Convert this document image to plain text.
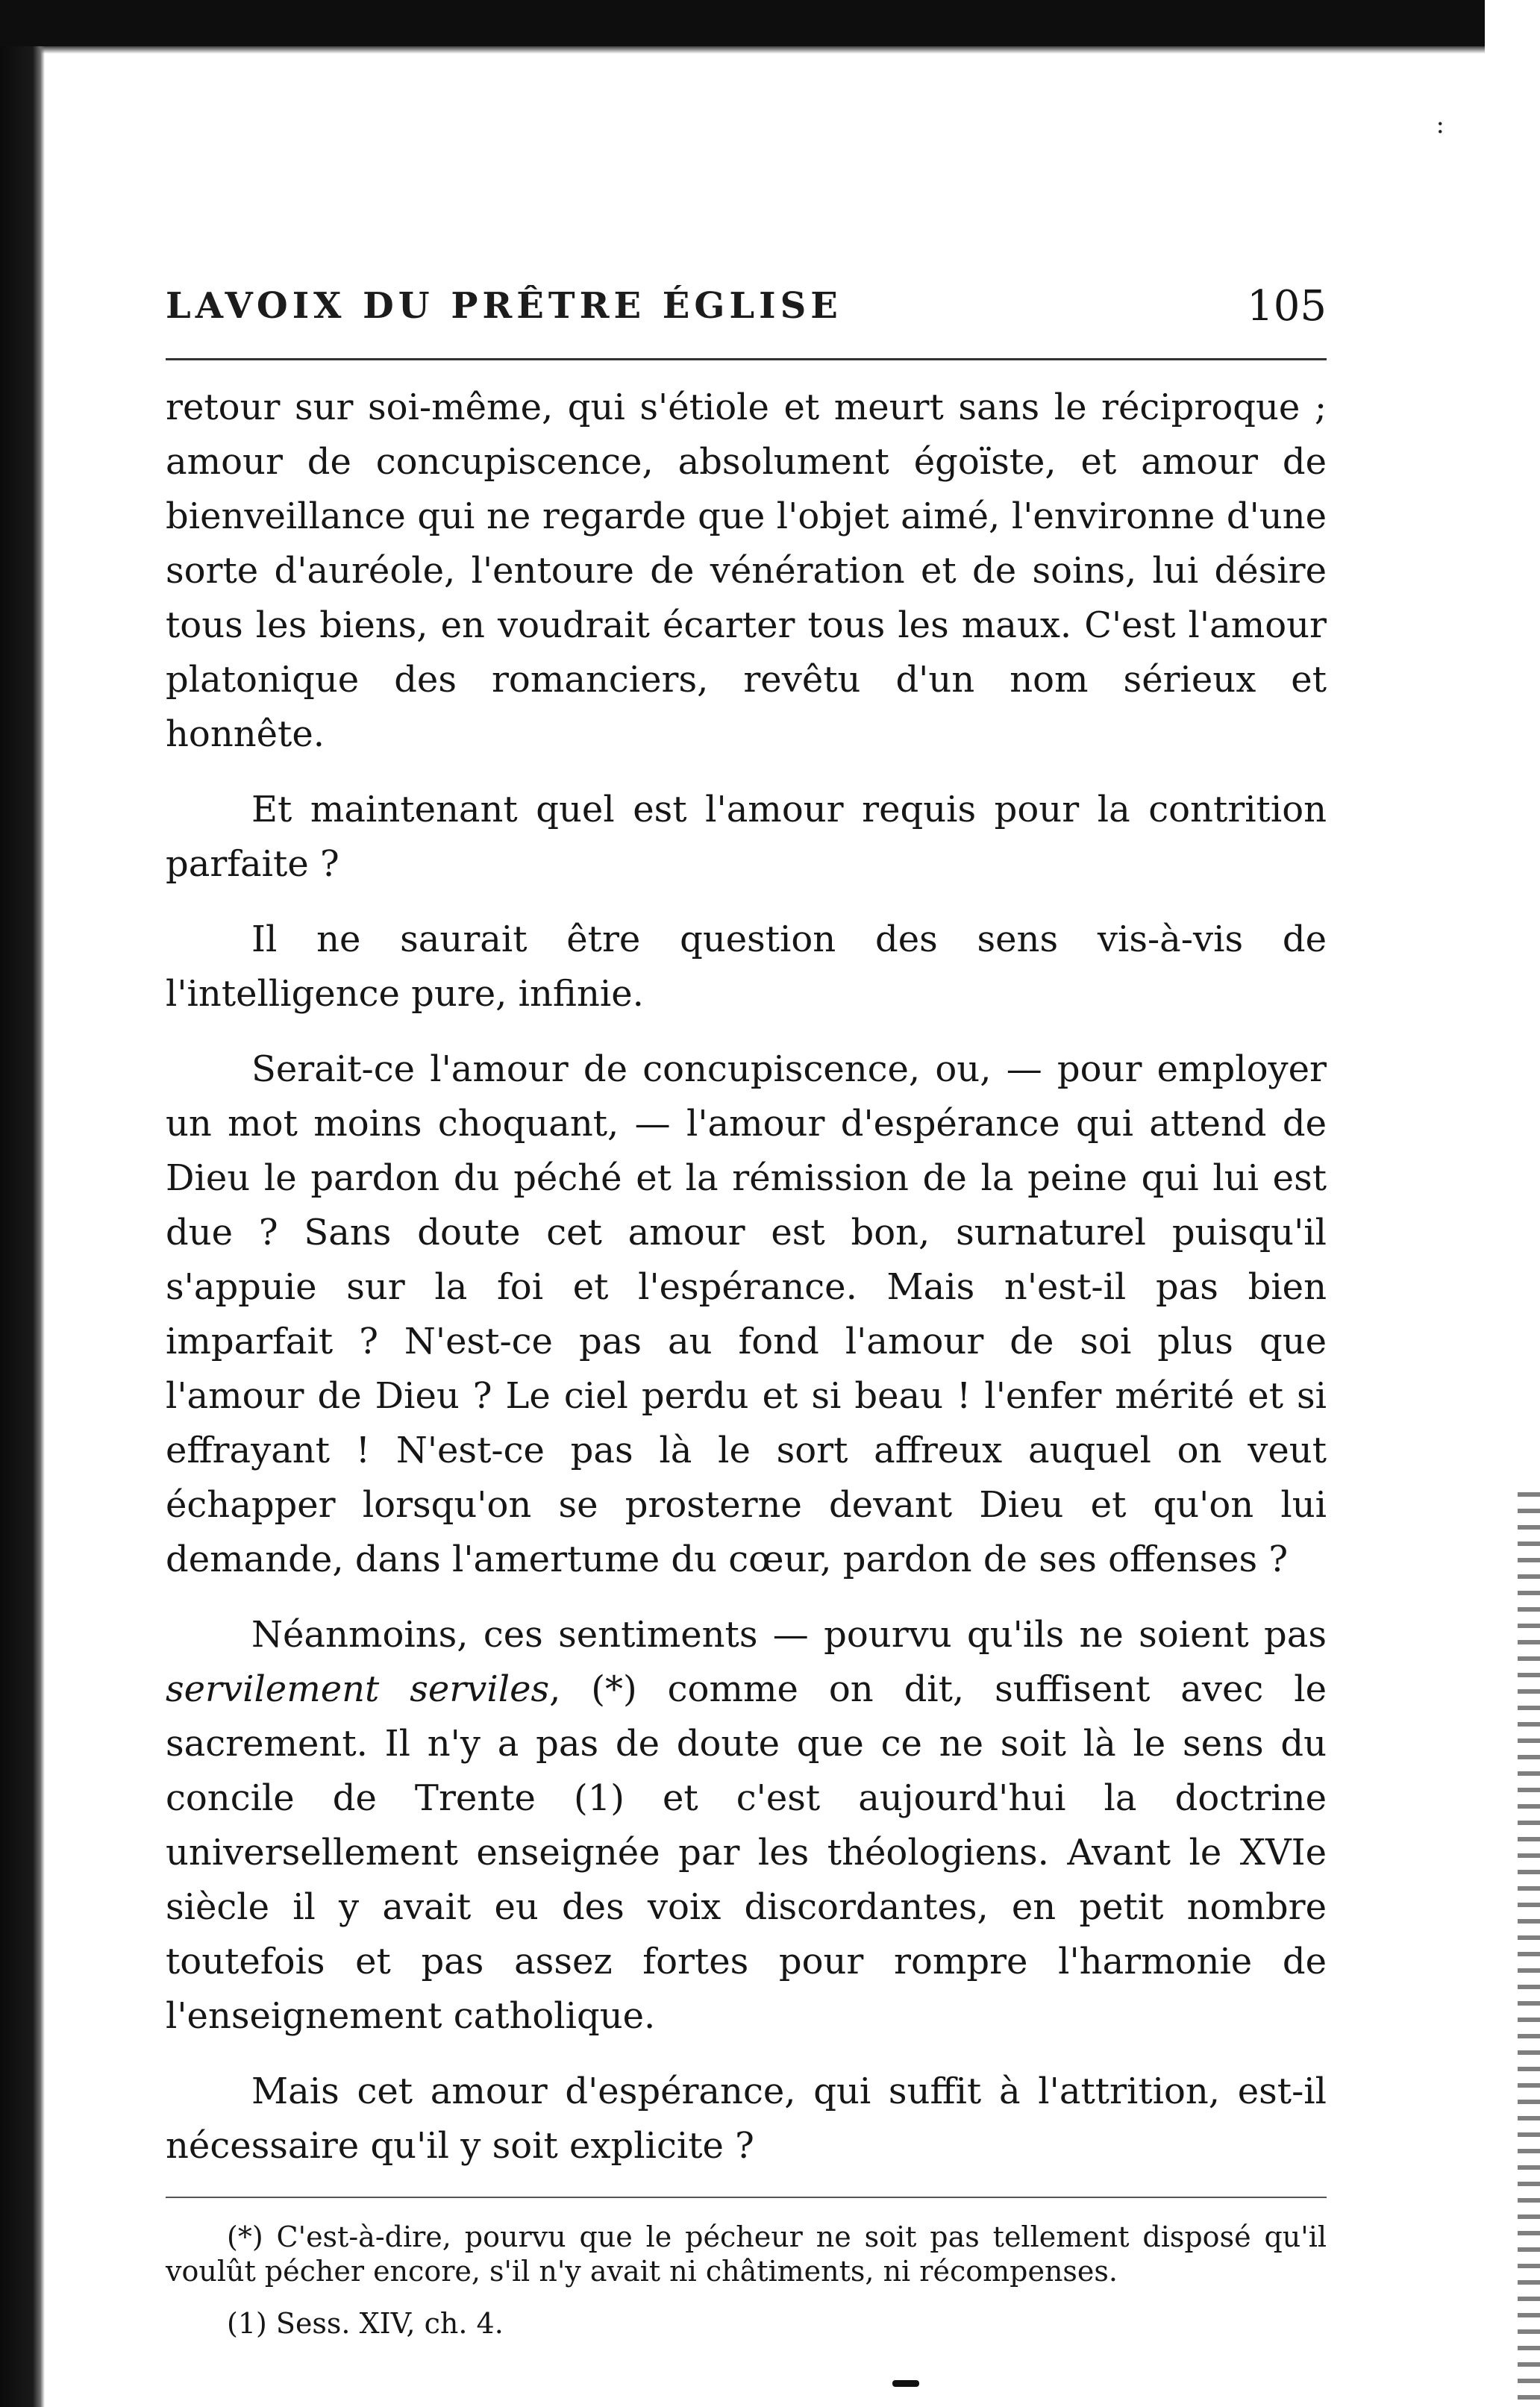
:
LAVOIX DU PRÊTRE ÉGLISE	105

retour sur soi-même, qui s'étiole et meurt sans le réciproque ; amour de concupiscence, absolument égoïste, et amour de bienveillance qui ne regarde que l'objet aimé, l'environne d'une sorte d'auréole, l'entoure de vénération et de soins, lui désire tous les biens, en voudrait écarter tous les maux. C'est l'amour platonique des romanciers, revêtu d'un nom sérieux et honnête.

Et maintenant quel est l'amour requis pour la contrition parfaite ?

Il ne saurait être question des sens vis-à-vis de l'intelligence pure, infinie.

Serait-ce l'amour de concupiscence, ou, — pour employer un mot moins choquant, — l'amour d'espérance qui attend de Dieu le pardon du péché et la rémission de la peine qui lui est due ? Sans doute cet amour est bon, surnaturel puisqu'il s'appuie sur la foi et l'espérance. Mais n'est-il pas bien imparfait ? N'est-ce pas au fond l'amour de soi plus que l'amour de Dieu ? Le ciel perdu et si beau ! l'enfer mérité et si effrayant ! N'est-ce pas là le sort affreux auquel on veut échapper lorsqu'on se prosterne devant Dieu et qu'on lui demande, dans l'amertume du cœur, pardon de ses offenses ?

Néanmoins, ces sentiments — pourvu qu'ils ne soient pas servilement serviles, (*) comme on dit, suffisent avec le sacrement. Il n'y a pas de doute que ce ne soit là le sens du concile de Trente (1) et c'est aujourd'hui la doctrine universellement enseignée par les théologiens. Avant le XVIe siècle il y avait eu des voix discordantes, en petit nombre toutefois et pas assez fortes pour rompre l'harmonie de l'enseignement catholique.

Mais cet amour d'espérance, qui suffit à l'attrition, est-il nécessaire qu'il y soit explicite ?

(*) C'est-à-dire, pourvu que le pécheur ne soit pas tellement disposé qu'il voulût pécher encore, s'il n'y avait ni châtiments, ni récompenses.

(1) Sess. XIV, ch. 4.
